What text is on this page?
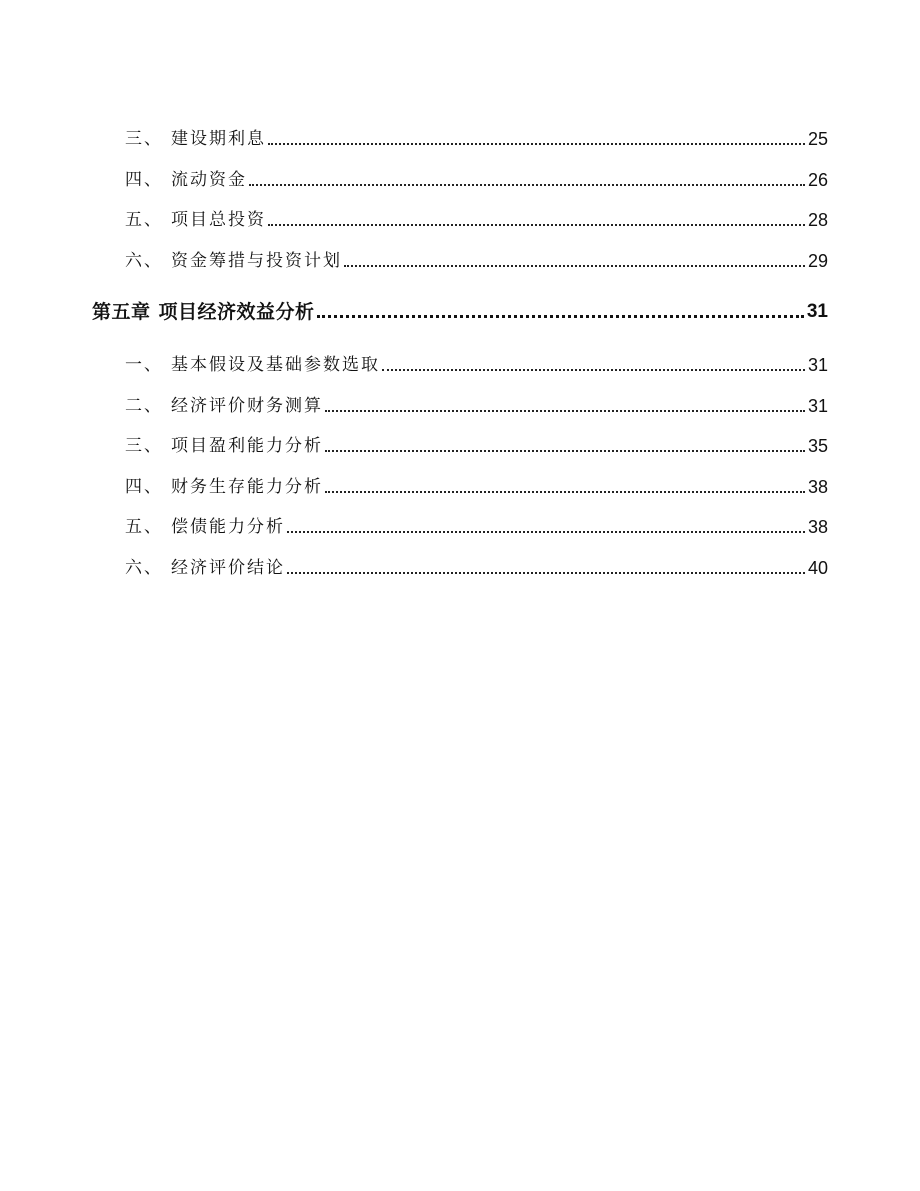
三、 建设期利息	25
四、 流动资金	26
五、 项目总投资	28
六、 资金筹措与投资计划	29
第五章 项目经济效益分析	31
一、 基本假设及基础参数选取	31
二、 经济评价财务测算	31
三、 项目盈利能力分析	35
四、 财务生存能力分析	38
五、 偿债能力分析	38
六、 经济评价结论	40
